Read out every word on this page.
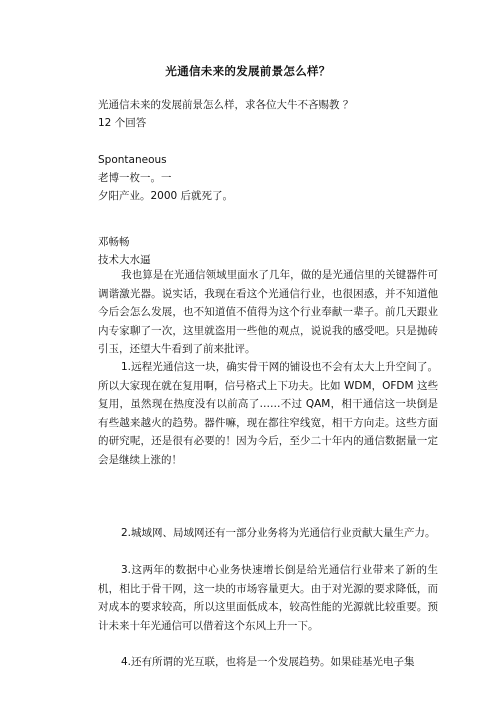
光通信未来的发展前景怎么样？
光通信未来的发展前景怎么样，求各位大牛不吝赐教 ？
12 个回答
Spontaneous
老博一枚一。一
夕阳产业。2000 后就死了。
邓畅畅
技术大水逼
我也算是在光通信领域里面水了几年，做的是光通信里的关键器件可调谐激光器。说实话，我现在看这个光通信行业，也很困惑，并不知道他今后会怎么发展，也不知道值不值得为这个行业奉献一辈子。前几天跟业内专家聊了一次，这里就盗用一些他的观点，说说我的感受吧。只是抛砖引玉，还望大牛看到了前来批评。
1.远程光通信这一块，确实骨干网的铺设也不会有太大上升空间了。所以大家现在就在复用啊，信号格式上下功夫。比如 WDM，OFDM 这些复用，虽然现在热度没有以前高了……不过 QAM，相干通信这一块倒是有些越来越火的趋势。器件嘛，现在都往窄线宽，相干方向走。这些方面的研究呢，还是很有必要的！因为今后，至少二十年内的通信数据量一定会是继续上涨的！
2.城域网、局域网还有一部分业务将为光通信行业贡献大量生产力。
3.这两年的数据中心业务快速增长倒是给光通信行业带来了新的生机，相比于骨干网，这一块的市场容量更大。由于对光源的要求降低，而对成本的要求较高，所以这里面低成本，较高性能的光源就比较重要。预计未来十年光通信可以借着这个东风上升一下。
4.还有所谓的光互联，也将是一个发展趋势。如果硅基光电子集
